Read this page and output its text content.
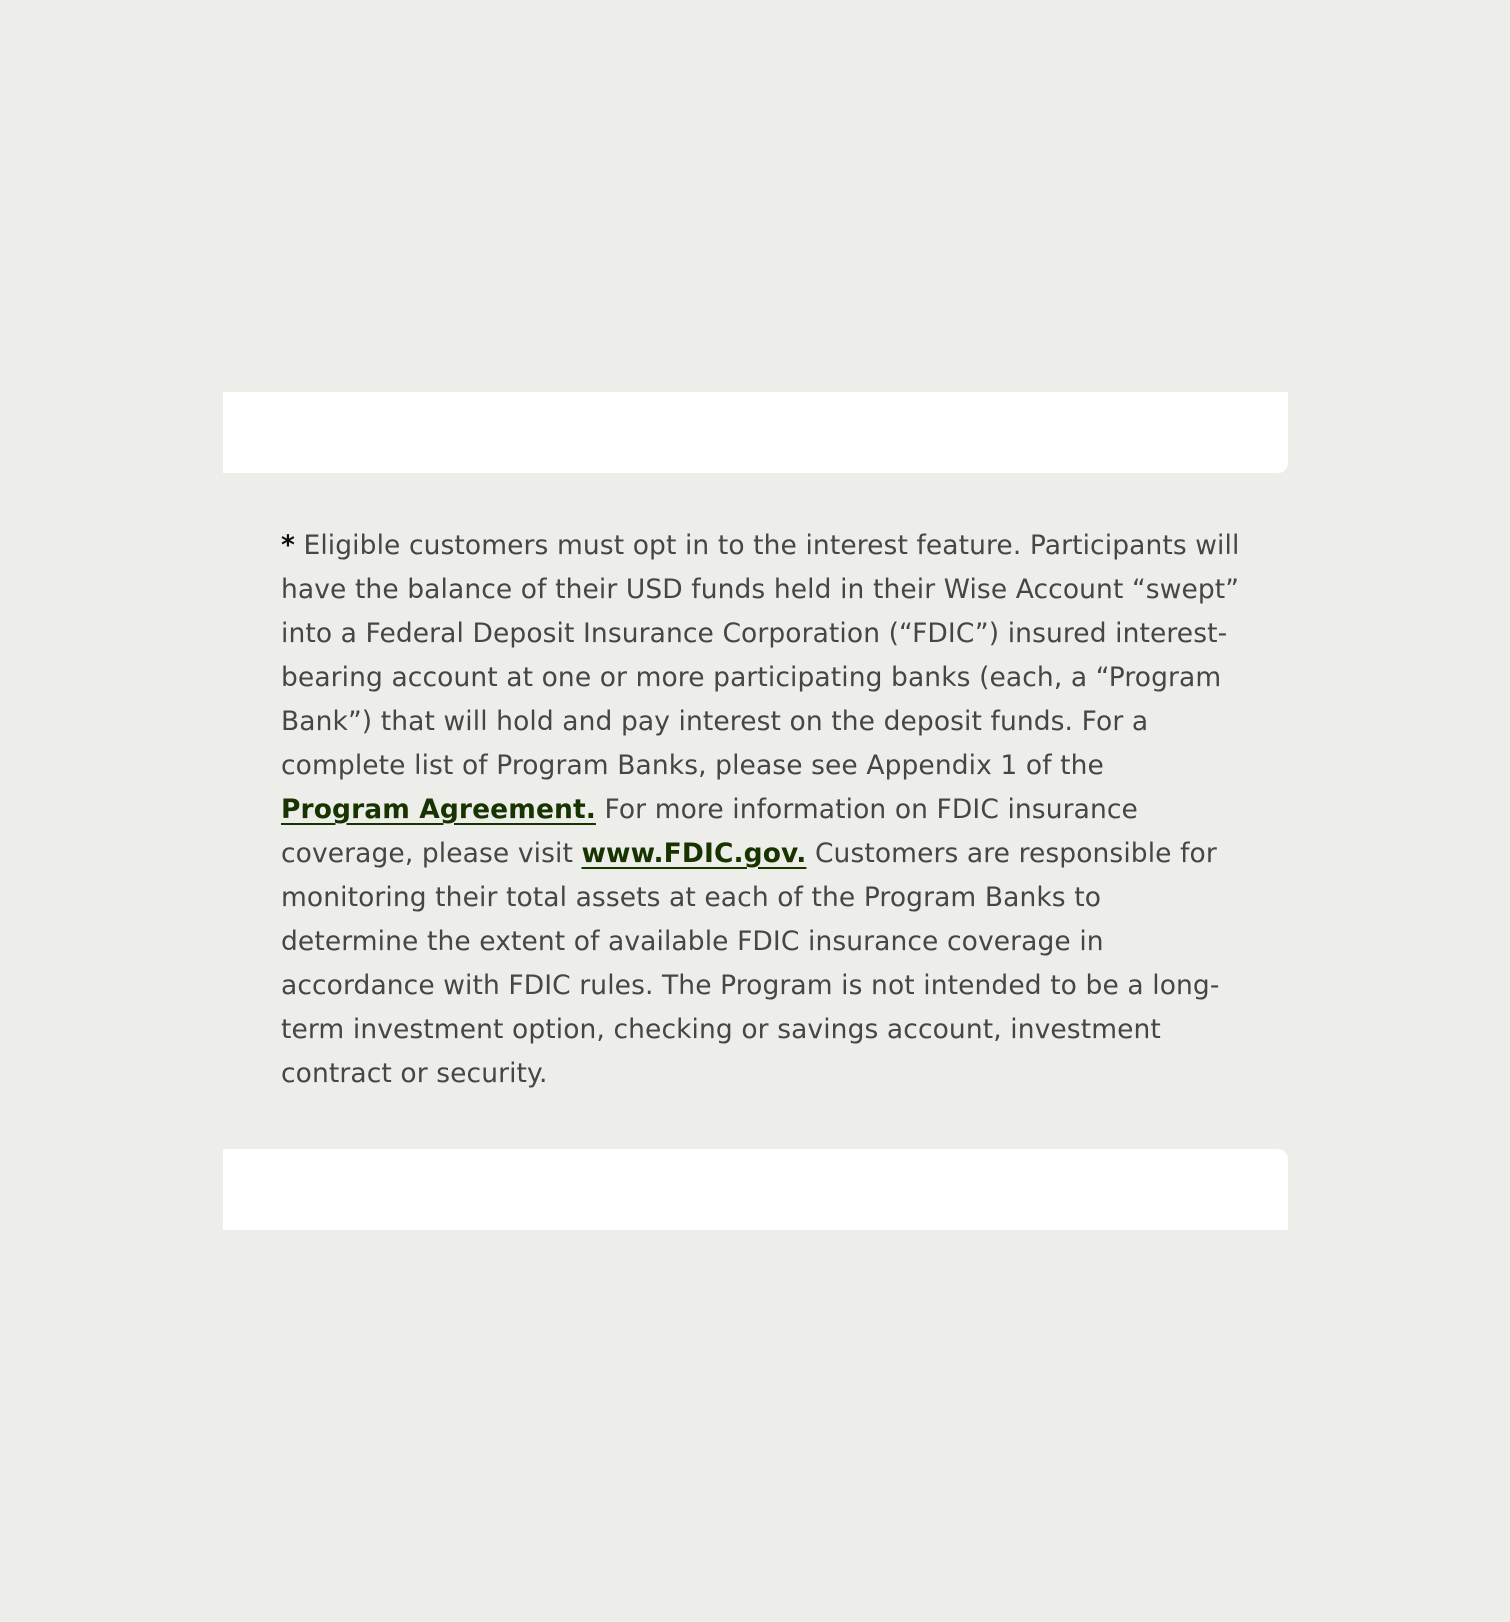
* Eligible customers must opt in to the interest feature. Participants will have the balance of their USD funds held in their Wise Account “swept” into a Federal Deposit Insurance Corporation (“FDIC”) insured interest-bearing account at one or more participating banks (each, a “Program Bank”) that will hold and pay interest on the deposit funds. For a complete list of Program Banks, please see Appendix 1 of the Program Agreement. For more information on FDIC insurance coverage, please visit www.FDIC.gov. Customers are responsible for monitoring their total assets at each of the Program Banks to determine the extent of available FDIC insurance coverage in accordance with FDIC rules. The Program is not intended to be a long-term investment option, checking or savings account, investment contract or security.
